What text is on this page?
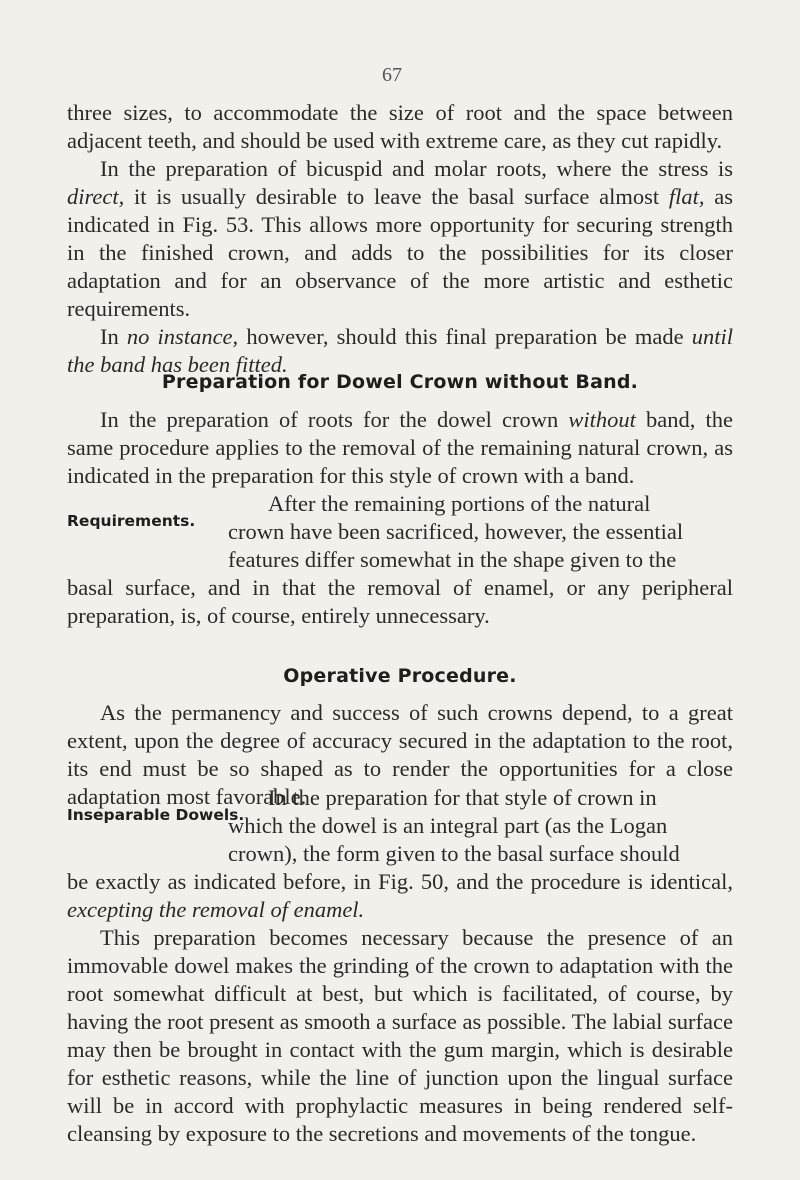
67

three sizes, to accommodate the size of root and the space between adjacent teeth, and should be used with extreme care, as they cut rapidly.

In the preparation of bicuspid and molar roots, where the stress is direct, it is usually desirable to leave the basal surface almost flat, as indicated in Fig. 53. This allows more opportunity for securing strength in the finished crown, and adds to the possibilities for its closer adaptation and for an observance of the more artistic and esthetic requirements.

In no instance, however, should this final preparation be made until the band has been fitted.

Preparation for Dowel Crown without Band.

In the preparation of roots for the dowel crown without band, the same procedure applies to the removal of the remaining natural crown, as indicated in the preparation for this style of crown with a band.

Requirements.

After the remaining portions of the natural

crown have been sacrificed, however, the essential

features differ somewhat in the shape given to the

basal surface, and in that the removal of enamel, or any peripheral preparation, is, of course, entirely unnecessary.

Operative Procedure.

As the permanency and success of such crowns depend, to a great extent, upon the degree of accuracy secured in the adaptation to the root, its end must be so shaped as to render the opportunities for a close adaptation most favorable.

Inseparable Dowels.

In the preparation for that style of crown in

which the dowel is an integral part (as the Logan

crown), the form given to the basal surface should

be exactly as indicated before, in Fig. 50, and the procedure is identical, excepting the removal of enamel.

This preparation becomes necessary because the presence of an immovable dowel makes the grinding of the crown to adaptation with the root somewhat difficult at best, but which is facilitated, of course, by having the root present as smooth a surface as possible. The labial surface may then be brought in contact with the gum margin, which is desirable for esthetic reasons, while the line of junction upon the lingual surface will be in accord with prophylactic measures in being rendered self-cleansing by exposure to the secretions and movements of the tongue.
